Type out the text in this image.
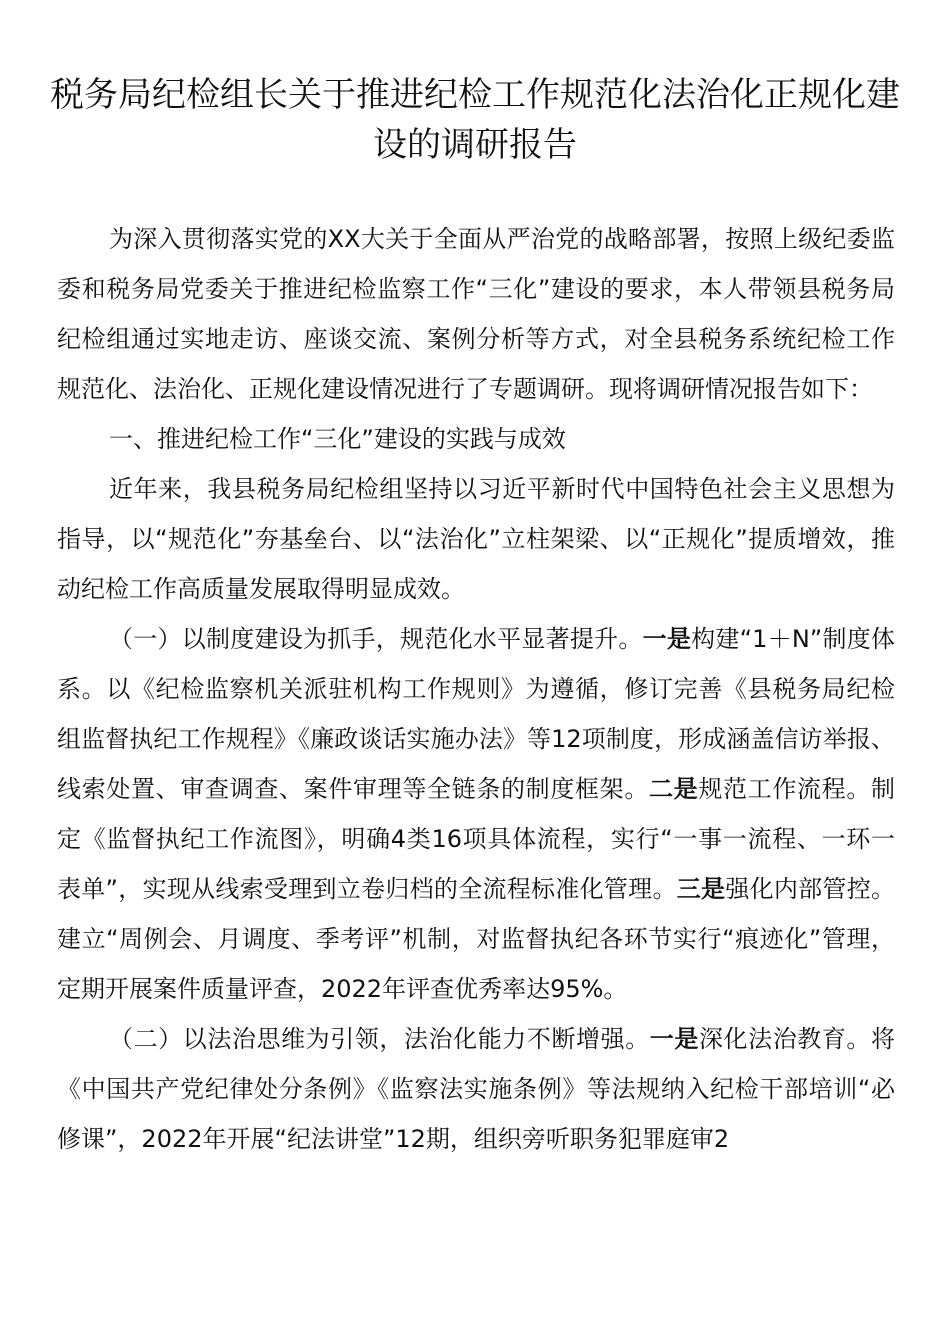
税务局纪检组长关于推进纪检工作规范化法治化正规化建设的调研报告

为深入贯彻落实党的XX大关于全面从严治党的战略部署，按照上级纪委监委和税务局党委关于推进纪检监察工作“三化”建设的要求，本人带领县税务局纪检组通过实地走访、座谈交流、案例分析等方式，对全县税务系统纪检工作规范化、法治化、正规化建设情况进行了专题调研。现将调研情况报告如下：

一、推进纪检工作“三化”建设的实践与成效

近年来，我县税务局纪检组坚持以习近平新时代中国特色社会主义思想为指导，以“规范化”夯基垒台、以“法治化”立柱架梁、以“正规化”提质增效，推动纪检工作高质量发展取得明显成效。

（一）以制度建设为抓手，规范化水平显著提升。一是构建“1＋N”制度体系。以《纪检监察机关派驻机构工作规则》为遵循，修订完善《县税务局纪检组监督执纪工作规程》《廉政谈话实施办法》等12项制度，形成涵盖信访举报、线索处置、审查调查、案件审理等全链条的制度框架。二是规范工作流程。制定《监督执纪工作流图》，明确4类16项具体流程，实行“一事一流程、一环一表单”，实现从线索受理到立卷归档的全流程标准化管理。三是强化内部管控。建立“周例会、月调度、季考评”机制，对监督执纪各环节实行“痕迹化”管理，定期开展案件质量评查，2022年评查优秀率达95%。

（二）以法治思维为引领，法治化能力不断增强。一是深化法治教育。将《中国共产党纪律处分条例》《监察法实施条例》等法规纳入纪检干部培训“必修课”，2022年开展“纪法讲堂”12期，组织旁听职务犯罪庭审2
